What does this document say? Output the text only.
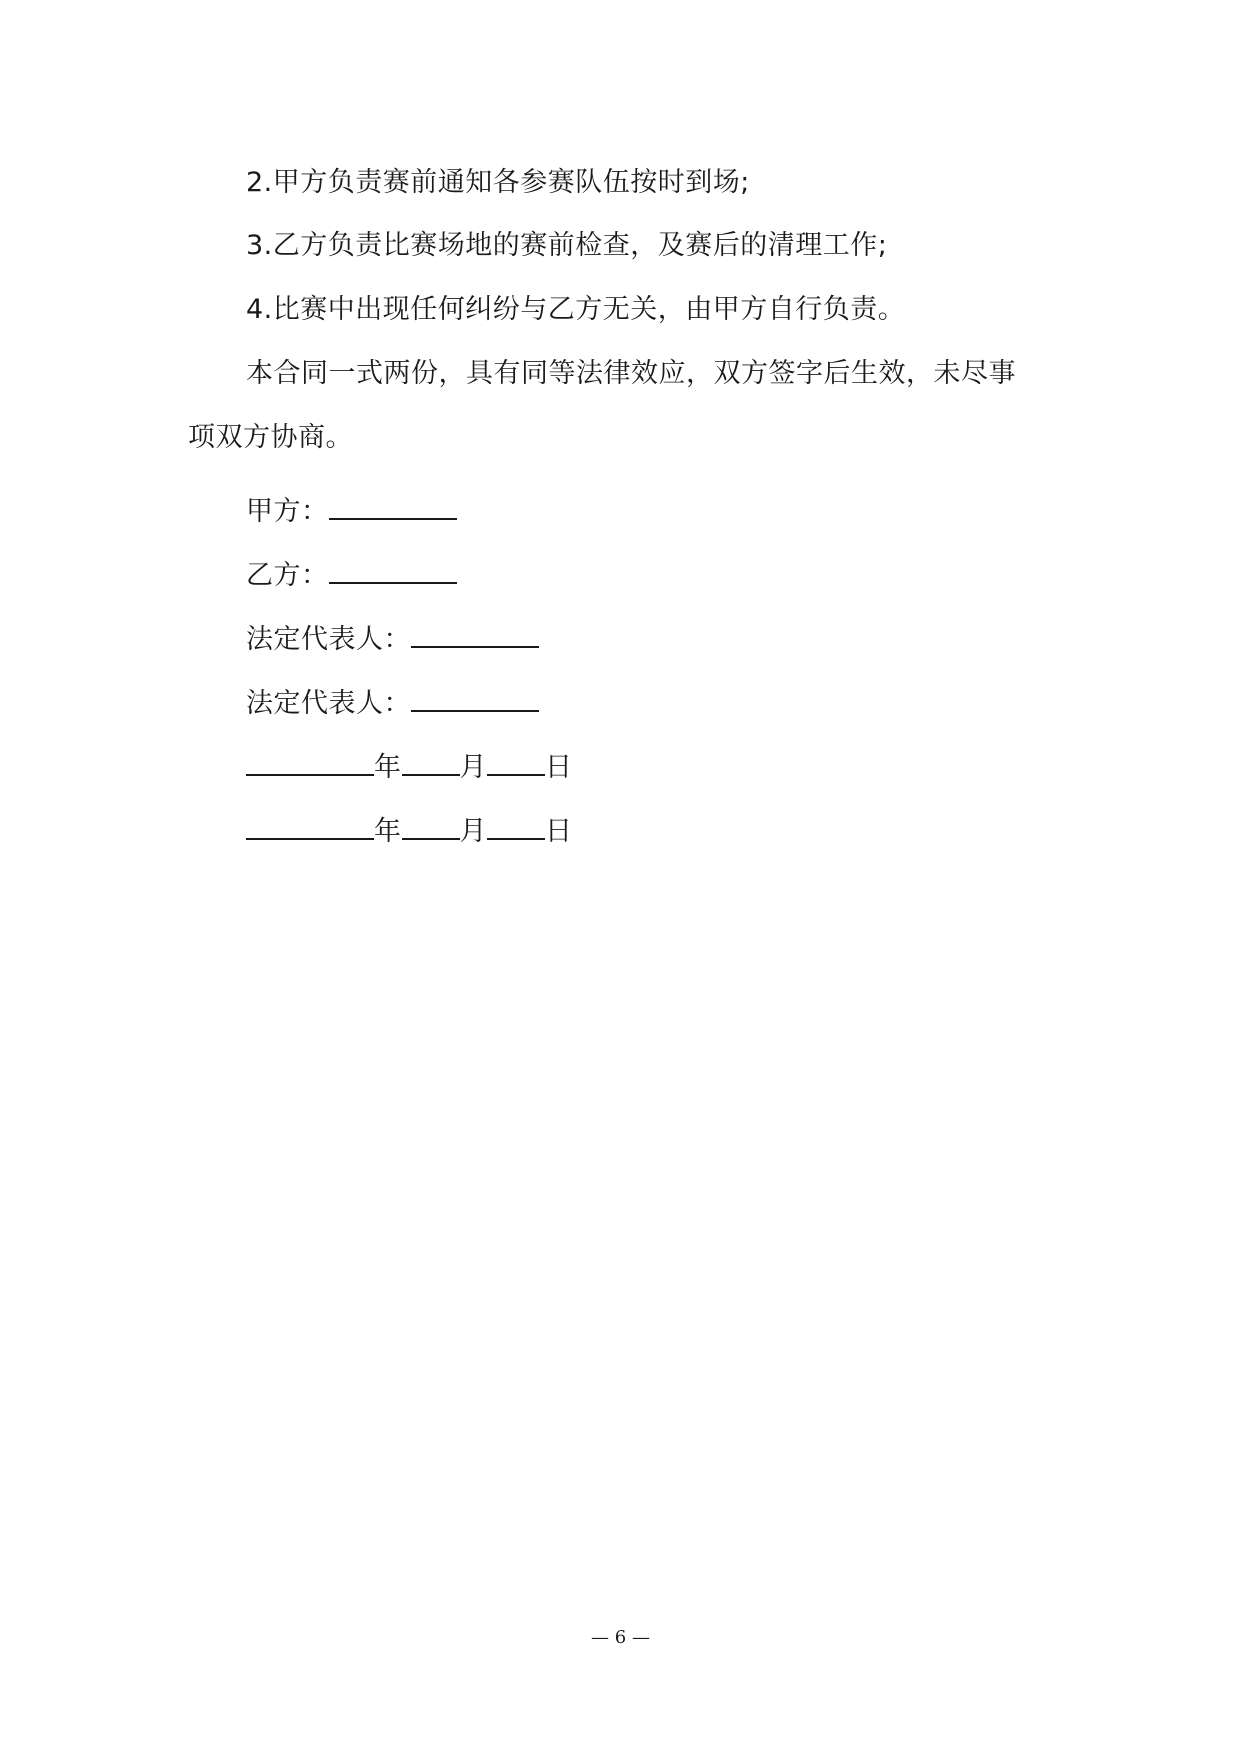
2.甲方负责赛前通知各参赛队伍按时到场;
3.乙方负责比赛场地的赛前检查，及赛后的清理工作;
4.比赛中出现任何纠纷与乙方无关，由甲方自行负责。
本合同一式两份，具有同等法律效应，双方签字后生效，未尽事
项双方协商。
甲方：
乙方：
法定代表人：
法定代表人：
年 月 日
年 月 日
— 6 —
